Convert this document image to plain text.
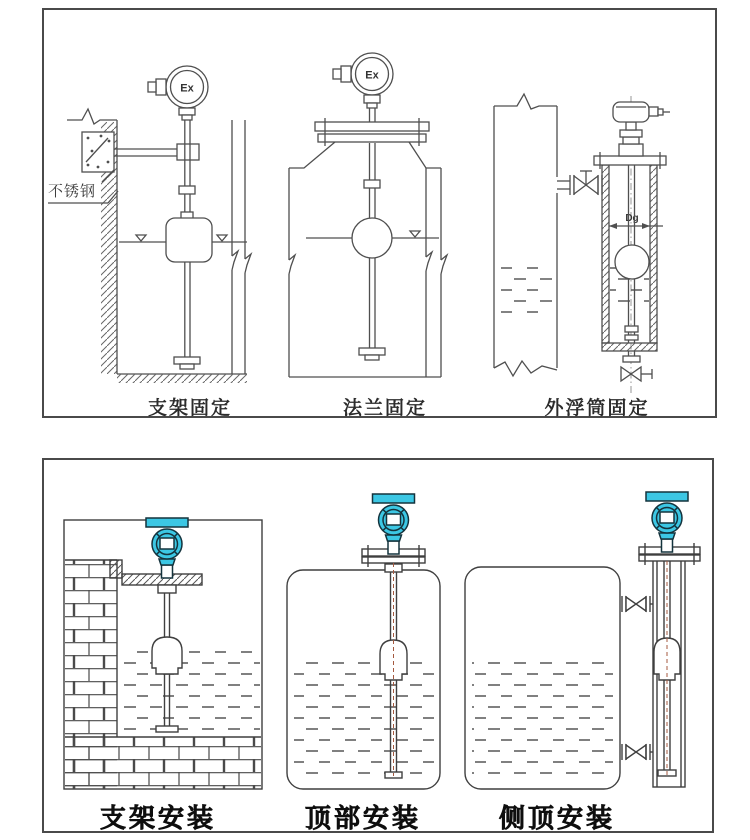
Ex
Ex
Dg
不锈钢
支架固定	法兰固定	外浮筒固定
支架安装	顶部安装	侧顶安装
